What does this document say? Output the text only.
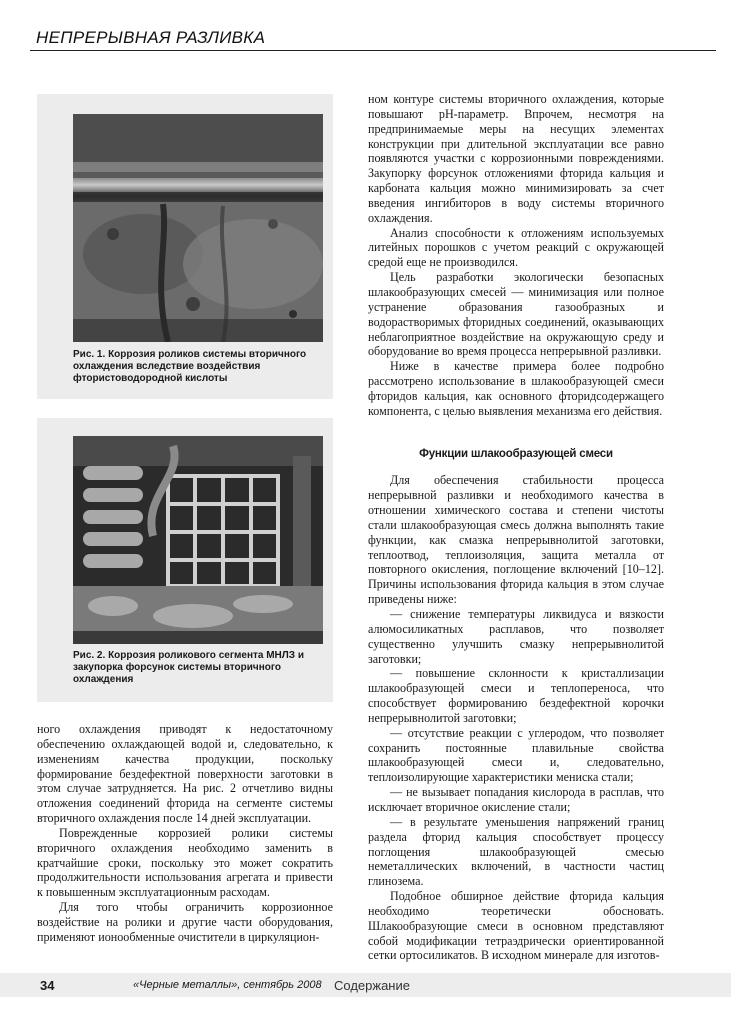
НЕПРЕРЫВНАЯ РАЗЛИВКА
Рис. 1. Коррозия роликов системы вторичного охлаждения вследствие воздействия фтористоводородной кислоты
Рис. 2. Коррозия роликового сегмента МНЛЗ и закупорка форсунок системы вторичного охлаждения

ного охлаждения приводят к недостаточному обеспечению охлаждающей водой и, следовательно, к изменениям качества продукции, поскольку формирование бездефектной поверхности заготовки в этом случае затрудняется. На рис. 2 отчетливо видны отложения соединений фторида на сегменте системы вторичного охлаждения после 14 дней эксплуатации.

Поврежденные коррозией ролики системы вторичного охлаждения необходимо заменить в кратчайшие сроки, поскольку это может сократить продолжительности использования агрегата и привести к повышенным эксплуатационным расходам.

Для того чтобы ограничить коррозионное воздействие на ролики и другие части оборудования, применяют ионообменные очистители в циркуляцион-

ном контуре системы вторичного охлаждения, которые повышают pH-параметр. Впрочем, несмотря на предпринимаемые меры на несущих элементах конструкции при длительной эксплуатации все равно появляются участки с коррозионными повреждениями. Закупорку форсунок отложениями фторида кальция и карбоната кальция можно минимизировать за счет введения ингибиторов в воду системы вторичного охлаждения.

Анализ способности к отложениям используемых литейных порошков с учетом реакций с окружающей средой еще не производился.

Цель разработки экологически безопасных шлакообразующих смесей — минимизация или полное устранение образования газообразных и водорастворимых фторидных соединений, оказывающих неблагоприятное воздействие на окружающую среду и оборудование во время процесса непрерывной разливки.

Ниже в качестве примера более подробно рассмотрено использование в шлакообразующей смеси фторидов кальция, как основного фторидсодержащего компонента, с целью выявления механизма его действия.

Функции шлакообразующей смеси

Для обеспечения стабильности процесса непрерывной разливки и необходимого качества в отношении химического состава и степени чистоты стали шлакообразующая смесь должна выполнять такие функции, как смазка непрерывнолитой заготовки, теплоотвод, теплоизоляция, защита металла от повторного окисления, поглощение включений [10–12]. Причины использования фторида кальция в этом случае приведены ниже:

— снижение температуры ликвидуса и вязкости алюмосиликатных расплавов, что позволяет существенно улучшить смазку непрерывнолитой заготовки;

— повышение склонности к кристаллизации шлакообразующей смеси и теплопереноса, что способствует формированию бездефектной корочки непрерывнолитой заготовки;

— отсутствие реакции с углеродом, что позволяет сохранить постоянные плавильные свойства шлакообразующей смеси и, следовательно, теплоизолирующие характеристики мениска стали;

— не вызывает попадания кислорода в расплав, что исключает вторичное окисление стали;

— в результате уменьшения напряжений границ раздела фторид кальция способствует процессу поглощения шлакообразующей смесью неметаллических включений, в частности частиц глинозема.

Подобное обширное действие фторида кальция необходимо теоретически обосновать. Шлакообразующие смеси в основном представляют собой модификации тетраэдрически ориентированной сетки ортосиликатов. В исходном минерале для изготов-

34	«Черные металлы», сентябрь 2008 Содержание
